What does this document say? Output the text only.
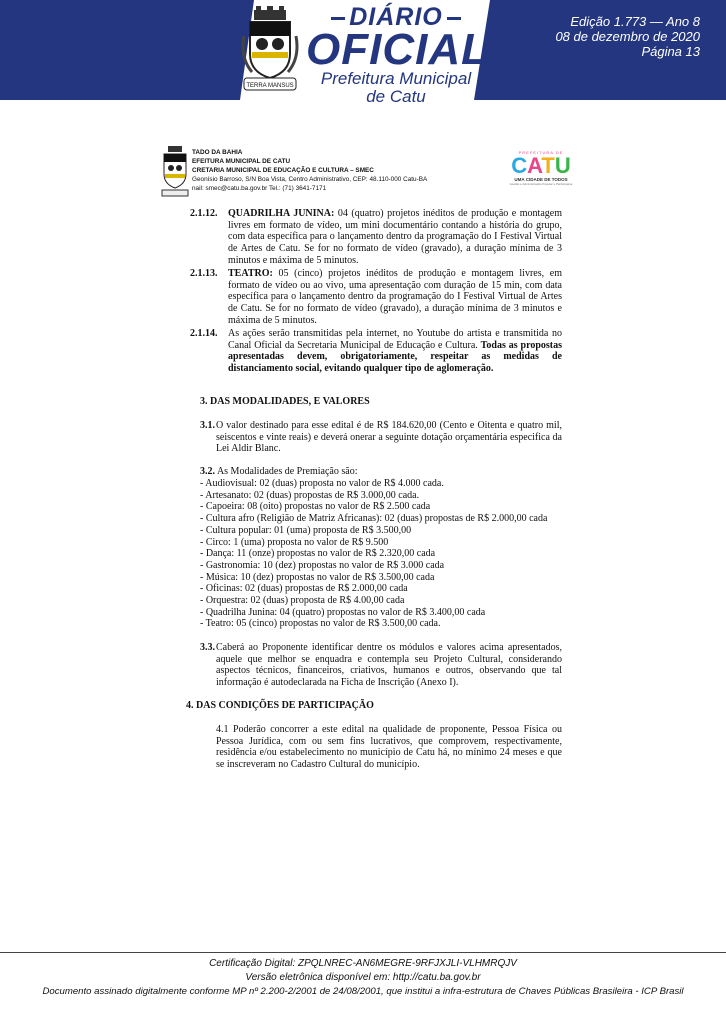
TERRA MANSUS
DIÁRIO
OFICIAL
Prefeitura Municipal
de Catu
Edição 1.773 — Ano 8
08 de dezembro de 2020
Página 13
TADO DA BAHIA
EFEITURA MUNICIPAL DE CATU
CRETARIA MUNICIPAL DE EDUCAÇÃO E CULTURA – SMEC
Geonísio Barroso, S/N Boa Vista, Centro Administrativo, CEP: 48.110-000 Catu-BA
nail: smec@catu.ba.gov.br Tel.: (71) 3641-7171
PREFEITURA DE
CATU
UMA CIDADE DE TODOS
Gestão e Administração Popular e Participativa
2.1.12. QUADRILHA JUNINA: 04 (quatro) projetos inéditos de produção e montagem livres em formato de vídeo, um mini documentário contando a história do grupo, com data específica para o lançamento dentro da programação do I Festival Virtual de Artes de Catu. Se for no formato de vídeo (gravado), a duração mínima de 3 minutos e máxima de 5 minutos.
2.1.13. TEATRO: 05 (cinco) projetos inéditos de produção e montagem livres, em formato de vídeo ou ao vivo, uma apresentação com duração de 15 min, com data específica para o lançamento dentro da programação do I Festival Virtual de Artes de Catu. Se for no formato de vídeo (gravado), a duração mínima de 3 minutos e máxima de 5 minutos.
2.1.14. As ações serão transmitidas pela internet, no Youtube do artista e transmitida no Canal Oficial da Secretaria Municipal de Educação e Cultura. Todas as propostas apresentadas devem, obrigatoriamente, respeitar as medidas de distanciamento social, evitando qualquer tipo de aglomeração.
3. DAS MODALIDADES, E VALORES
3.1. O valor destinado para esse edital é de R$ 184.620,00 (Cento e Oitenta e quatro mil, seiscentos e vinte reais) e deverá onerar a seguinte dotação orçamentária especifica da Lei Aldir Blanc.
3.2. As Modalidades de Premiação são:
- Audiovisual: 02 (duas) proposta no valor de R$ 4.000 cada.
- Artesanato: 02 (duas) propostas de R$ 3.000,00 cada.
- Capoeira: 08 (oito) propostas no valor de R$ 2.500 cada
- Cultura afro (Religião de Matriz Africanas): 02 (duas) propostas de R$ 2.000,00 cada
- Cultura popular: 01 (uma) proposta de R$ 3.500,00
- Circo: 1 (uma) proposta no valor de R$ 9.500
- Dança: 11 (onze) propostas no valor de R$ 2.320,00 cada
- Gastronomia: 10 (dez) propostas no valor de R$ 3.000 cada
- Música: 10 (dez) propostas no valor de R$ 3.500,00 cada
- Oficinas: 02 (duas) propostas de R$ 2.000,00 cada
- Orquestra: 02 (duas) proposta de R$ 4.00,00 cada
- Quadrilha Junina: 04 (quatro) propostas no valor de R$ 3.400,00 cada
- Teatro: 05 (cinco) propostas no valor de R$ 3.500,00 cada.
3.3. Caberá ao Proponente identificar dentre os módulos e valores acima apresentados, aquele que melhor se enquadra e contempla seu Projeto Cultural, considerando aspectos técnicos, financeiros, criativos, humanos e outros, observando que tal informação é autodeclarada na Ficha de Inscrição (Anexo I).
4. DAS CONDIÇÕES DE PARTICIPAÇÃO
4.1 Poderão concorrer a este edital na qualidade de proponente, Pessoa Física ou Pessoa Jurídica, com ou sem fins lucrativos, que comprovem, respectivamente, residência e/ou estabelecimento no município de Catu há, no mínimo 24 meses e que se inscreveram no Cadastro Cultural do município.
Certificação Digital: ZPQLNREC-AN6MEGRE-9RFJXJLI-VLHMRQJV
Versão eletrônica disponível em: http://catu.ba.gov.br
Documento assinado digitalmente conforme MP nº 2.200-2/2001 de 24/08/2001, que institui a infra-estrutura de Chaves Públicas Brasileira - ICP Brasil
